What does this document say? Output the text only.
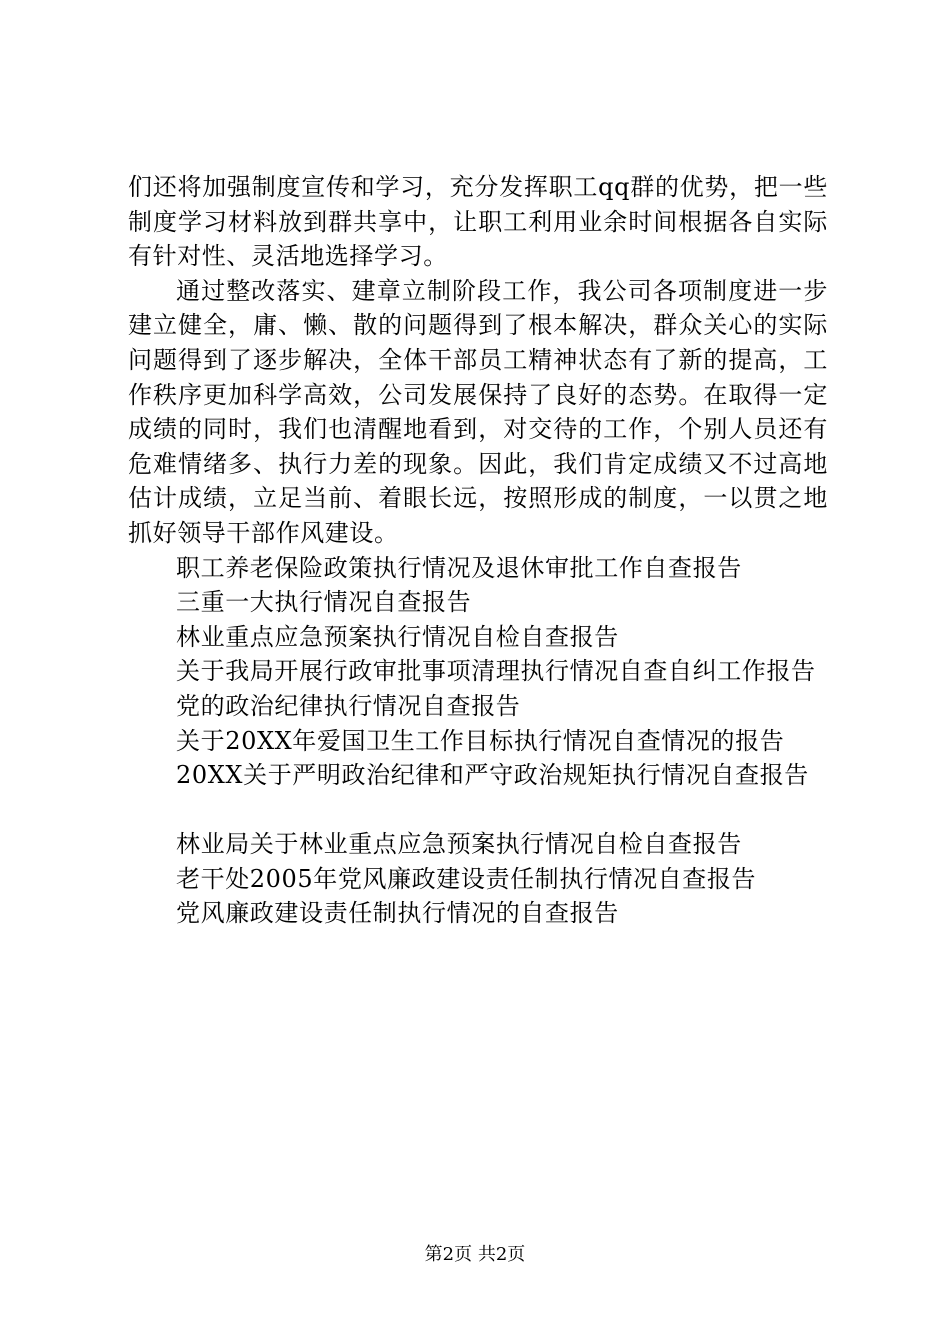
们还将加强制度宣传和学习，充分发挥职工qq群的优势，把一些制度学习材料放到群共享中，让职工利用业余时间根据各自实际有针对性、灵活地选择学习。

通过整改落实、建章立制阶段工作，我公司各项制度进一步建立健全，庸、懒、散的问题得到了根本解决，群众关心的实际问题得到了逐步解决，全体干部员工精神状态有了新的提高，工作秩序更加科学高效，公司发展保持了良好的态势。在取得一定成绩的同时，我们也清醒地看到，对交待的工作，个别人员还有危难情绪多、执行力差的现象。因此，我们肯定成绩又不过高地估计成绩，立足当前、着眼长远，按照形成的制度，一以贯之地抓好领导干部作风建设。

职工养老保险政策执行情况及退休审批工作自查报告
三重一大执行情况自查报告
林业重点应急预案执行情况自检自查报告
关于我局开展行政审批事项清理执行情况自查自纠工作报告
党的政治纪律执行情况自查报告
关于20XX年爱国卫生工作目标执行情况自查情况的报告
20XX关于严明政治纪律和严守政治规矩执行情况自查报告
林业局关于林业重点应急预案执行情况自检自查报告
老干处2005年党风廉政建设责任制执行情况自查报告
党风廉政建设责任制执行情况的自查报告
第2页 共2页
